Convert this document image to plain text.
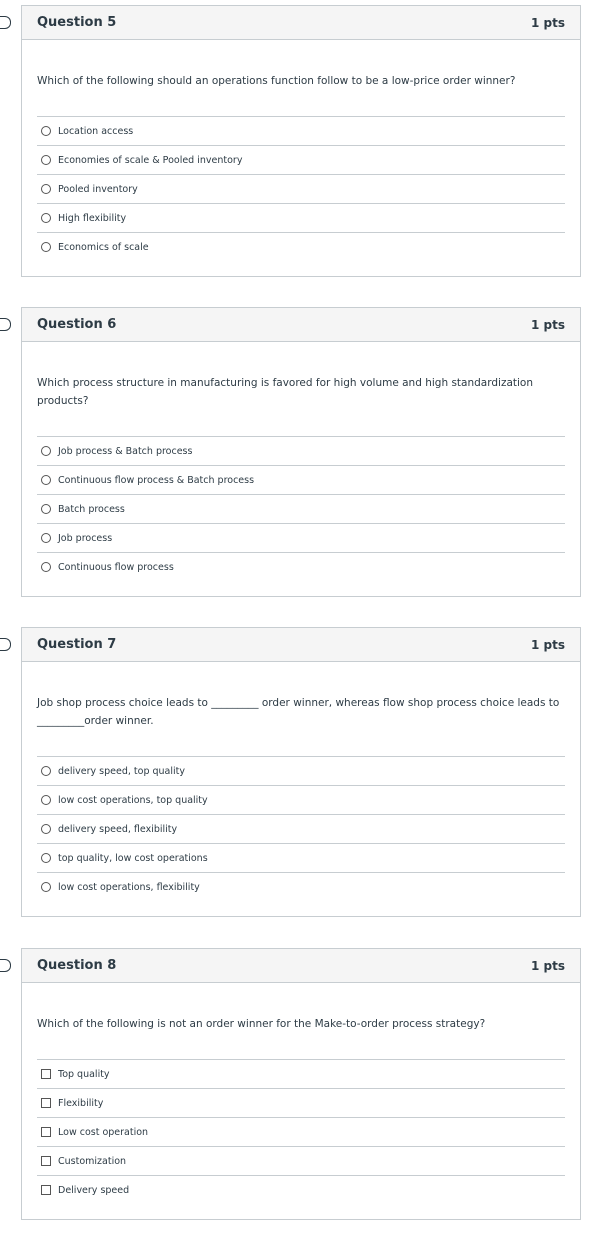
Question 5	1 pts
Which of the following should an operations function follow to be a low-price order winner?
Location access
Economies of scale & Pooled inventory
Pooled inventory
High flexibility
Economics of scale
Question 6	1 pts
Which process structure in manufacturing is favored for high volume and high standardization products?
Job process & Batch process
Continuous flow process & Batch process
Batch process
Job process
Continuous flow process
Question 7	1 pts
Job shop process choice leads to _________ order winner, whereas flow shop process choice leads to _________order winner.
delivery speed, top quality
low cost operations, top quality
delivery speed, flexibility
top quality, low cost operations
low cost operations, flexibility
Question 8	1 pts
Which of the following is not an order winner for the Make-to-order process strategy?
Top quality
Flexibility
Low cost operation
Customization
Delivery speed
